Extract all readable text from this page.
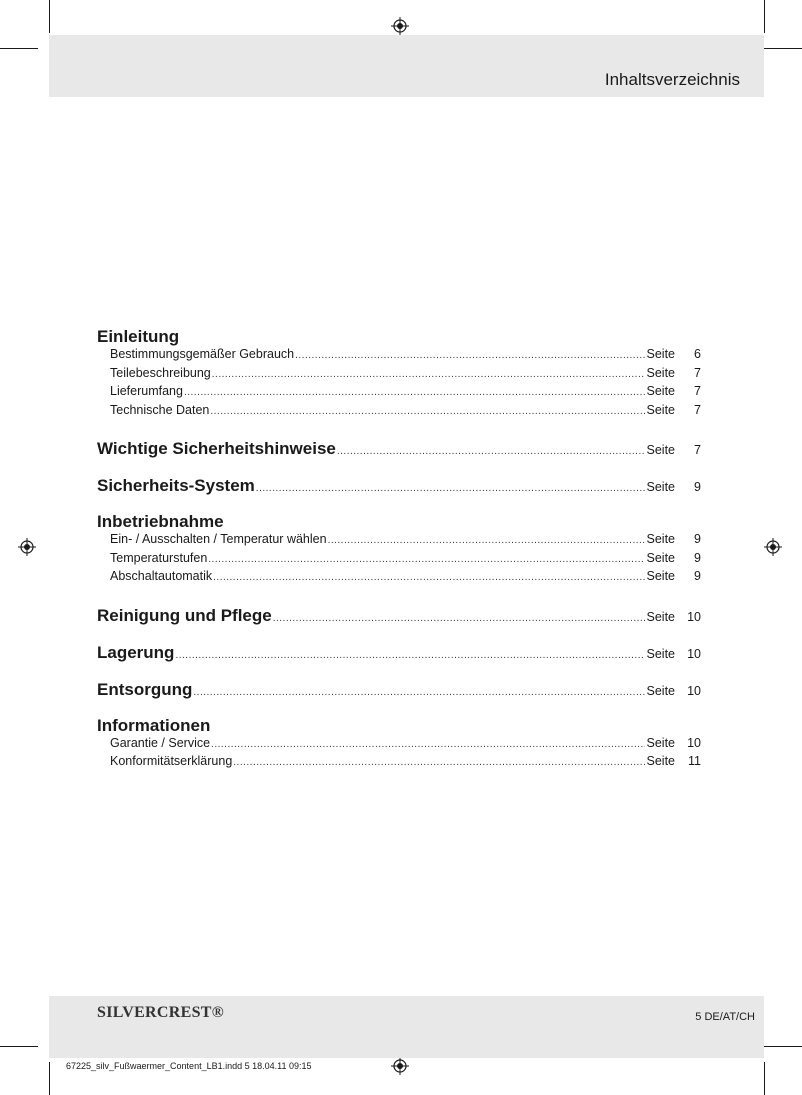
Inhaltsverzeichnis
Einleitung
Bestimmungsgemäßer Gebrauch .....	Seite	6
Teilebeschreibung .....	Seite	7
Lieferumfang .....	Seite	7
Technische Daten .....	Seite	7
Wichtige Sicherheitshinweise .....	Seite	7
Sicherheits-System .....	Seite	9
Inbetriebnahme
Ein- / Ausschalten / Temperatur wählen .....	Seite	9
Temperaturstufen .....	Seite	9
Abschaltautomatik .....	Seite	9
Reinigung und Pflege .....	Seite 10
Lagerung .....	Seite 10
Entsorgung .....	Seite 10
Informationen
Garantie / Service .....	Seite 10
Konformitätserklärung .....	Seite	11
SILVERCREST®	5 DE/AT/CH
67225_silv_Fußwaermer_Content_LB1.indd 5 18.04.11 09:15
